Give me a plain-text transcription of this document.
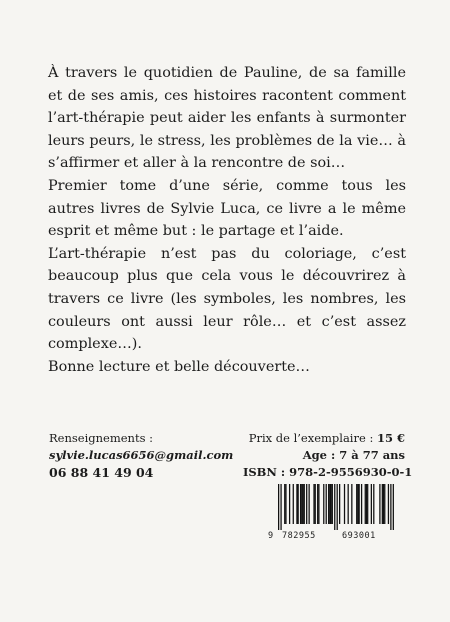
À travers le quotidien de Pauline, de sa famille et de ses amis, ces histoires racontent comment l’art-thérapie peut aider les enfants à surmonter leurs peurs, le stress, les problèmes de la vie… à s’affirmer et aller à la rencontre de soi…

Premier tome d’une série, comme tous les autres livres de Sylvie Luca, ce livre a le même esprit et même but : le partage et l’aide.

L’art-thérapie n’est pas du coloriage, c’est beaucoup plus que cela vous le découvrirez à travers ce livre (les symboles, les nombres, les couleurs ont aussi leur rôle… et c’est assez complexe…).

Bonne lecture et belle découverte…

Renseignements :
sylvie.lucas6656@gmail.com
06 88 41 49 04
Prix de l’exemplaire : 15 €
Age : 7 à 77 ans
ISBN : 978-2-9556930-0-1
9 782955	693001
